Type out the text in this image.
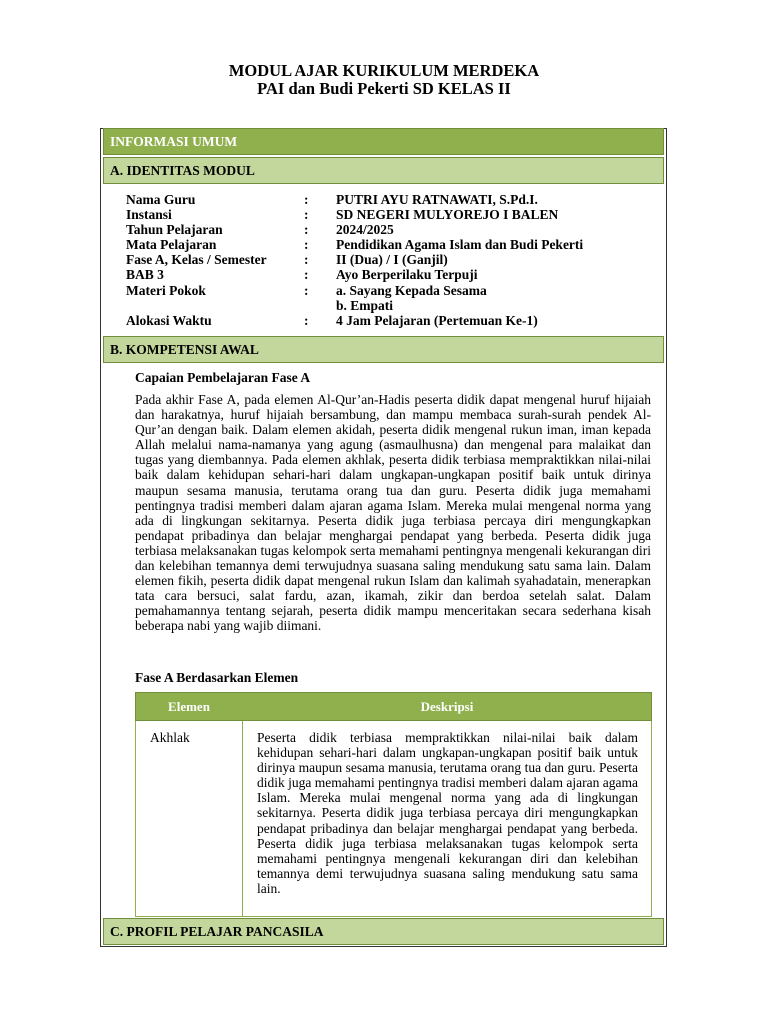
MODUL AJAR KURIKULUM MERDEKA
PAI dan Budi Pekerti SD KELAS II
INFORMASI UMUM
A. IDENTITAS MODUL
Nama Guru	: PUTRI AYU RATNAWATI, S.Pd.I.
Instansi	: SD NEGERI MULYOREJO I BALEN
Tahun Pelajaran	: 2024/2025
Mata Pelajaran	: Pendidikan Agama Islam dan Budi Pekerti
Fase A, Kelas / Semester	: II (Dua) / I (Ganjil)
BAB 3	: Ayo Berperilaku Terpuji
Materi Pokok	: a. Sayang Kepada Sesama
b. Empati
Alokasi Waktu	: 4 Jam Pelajaran (Pertemuan Ke-1)
B. KOMPETENSI AWAL
Capaian Pembelajaran Fase A
Pada akhir Fase A, pada elemen Al-Qur’an-Hadis peserta didik dapat mengenal huruf hijaiah dan harakatnya, huruf hijaiah bersambung, dan mampu membaca surah-surah pendek Al-Qur’an dengan baik. Dalam elemen akidah, peserta didik mengenal rukun iman, iman kepada Allah melalui nama-namanya yang agung (asmaulhusna) dan mengenal para malaikat dan tugas yang diembannya. Pada elemen akhlak, peserta didik terbiasa mempraktikkan nilai-nilai baik dalam kehidupan sehari-hari dalam ungkapan-ungkapan positif baik untuk dirinya maupun sesama manusia, terutama orang tua dan guru. Peserta didik juga memahami pentingnya tradisi memberi dalam ajaran agama Islam. Mereka mulai mengenal norma yang ada di lingkungan sekitarnya. Peserta didik juga terbiasa percaya diri mengungkapkan pendapat pribadinya dan belajar menghargai pendapat yang berbeda. Peserta didik juga terbiasa melaksanakan tugas kelompok serta memahami pentingnya mengenali kekurangan diri dan kelebihan temannya demi terwujudnya suasana saling mendukung satu sama lain. Dalam elemen fikih, peserta didik dapat mengenal rukun Islam dan kalimah syahadatain, menerapkan tata cara bersuci, salat fardu, azan, ikamah, zikir dan berdoa setelah salat. Dalam pemahamannya tentang sejarah, peserta didik mampu menceritakan secara sederhana kisah beberapa nabi yang wajib diimani.
Fase A Berdasarkan Elemen
Elemen	Deskripsi
Akhlak	Peserta didik terbiasa mempraktikkan nilai-nilai baik dalam kehidupan sehari-hari dalam ungkapan-ungkapan positif baik untuk dirinya maupun sesama manusia, terutama orang tua dan guru. Peserta didik juga memahami pentingnya tradisi memberi dalam ajaran agama Islam. Mereka mulai mengenal norma yang ada di lingkungan sekitarnya. Peserta didik juga terbiasa percaya diri mengungkapkan pendapat pribadinya dan belajar menghargai pendapat yang berbeda. Peserta didik juga terbiasa melaksanakan tugas kelompok serta memahami pentingnya mengenali kekurangan diri dan kelebihan temannya demi terwujudnya suasana saling mendukung satu sama lain.
C. PROFIL PELAJAR PANCASILA
